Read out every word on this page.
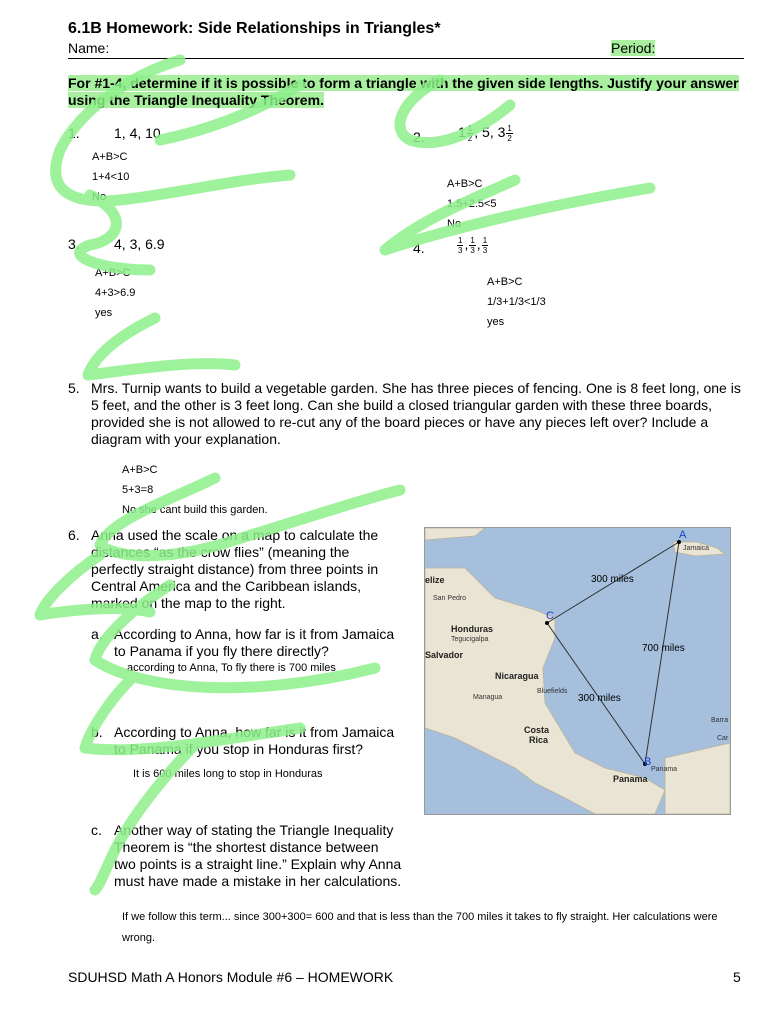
6.1B Homework: Side Relationships in Triangles*
Name:	Period:
For #1-4, determine if it is possible to form a triangle with the given side lengths. Justify your answer using the Triangle Inequality Theorem.
1. 1, 4, 10
A+B>C
1+4<10
No
2. $1 \frac{1}{2}$ , 5, $3 \frac{1}{2}$
A+B>C
1.5+2.5<5
No
3. 4, 3, 6.9
A+B>C
4+3>6.9
yes
4.	$\frac{1}{3}$ , $\frac{1}{3}$ , $\frac{1}{3}$
A+B>C
1/3+1/3<1/3
yes
5. Mrs. Turnip wants to build a vegetable garden. She has three pieces of fencing. One is 8 feet long, one is 5 feet, and the other is 3 feet long. Can she build a closed triangular garden with these three boards, provided she is not allowed to re-cut any of the board pieces or have any pieces left over? Include a diagram with your explanation.
A+B>C
5+3=8
No she cant build this garden.
6. Anna used the scale on a map to calculate the distances “as the crow flies” (meaning the perfectly straight distance) from three points in Central America and the Caribbean islands, marked on the map to the right.
a. According to Anna, how far is it from Jamaica to Panama if you fly there directly?
according to Anna, To fly there is 700 miles
b. According to Anna, how far is it from Jamaica to Panama if you stop in Honduras first?
It is 600 miles long to stop in Honduras
c. Another way of stating the Triangle Inequality Theorem is “the shortest distance between two points is a straight line.” Explain why Anna must have made a mistake in her calculations.
If we follow this term... since 300+300= 600 and that is less than the 700 miles it takes to fly straight. Her calculations were wrong.
A
C
B
300 miles
700 miles
300 miles
Honduras
Nicaragua
Costa
Rica
Panama
elize
Salvador
Jamaica
Tegucigalpa
Managua
San Pedro
Bluefields
Panama
Barra
Car
SDUHSD Math A Honors Module #6 – HOMEWORK	5
